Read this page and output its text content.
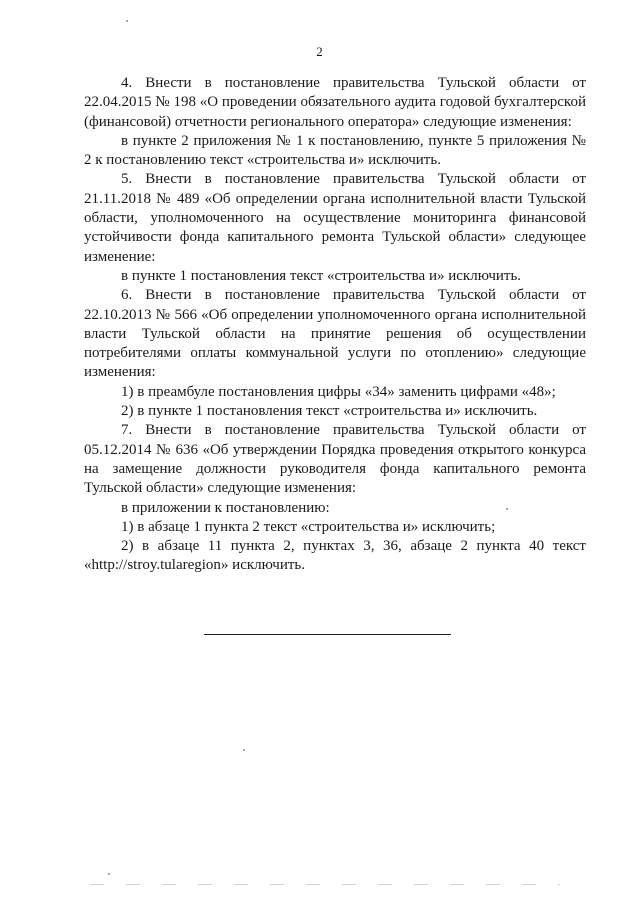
2

4. Внести в постановление правительства Тульской области от 22.04.2015 № 198 «О проведении обязательного аудита годовой бухгалтерской (финансовой) отчетности регионального оператора» следующие изменения:

в пункте 2 приложения № 1 к постановлению, пункте 5 приложения № 2 к постановлению текст «строительства и» исключить.

5. Внести в постановление правительства Тульской области от 21.11.2018 № 489 «Об определении органа исполнительной власти Тульской области, уполномоченного на осуществление мониторинга финансовой устойчивости фонда капитального ремонта Тульской области» следующее изменение:

в пункте 1 постановления текст «строительства и» исключить.

6. Внести в постановление правительства Тульской области от 22.10.2013 № 566 «Об определении уполномоченного органа исполнительной власти Тульской области на принятие решения об осуществлении потребителями оплаты коммунальной услуги по отоплению» следующие изменения:

1) в преамбуле постановления цифры «34» заменить цифрами «48»;

2) в пункте 1 постановления текст «строительства и» исключить.

7. Внести в постановление правительства Тульской области от 05.12.2014 № 636 «Об утверждении Порядка проведения открытого конкурса на замещение должности руководителя фонда капитального ремонта Тульской области» следующие изменения:

в приложении к постановлению:

1) в абзаце 1 пункта 2 текст «строительства и» исключить;

2) в абзаце 11 пункта 2, пунктах 3, 36, абзаце 2 пункта 40 текст «http://stroy.tularegion» исключить.
